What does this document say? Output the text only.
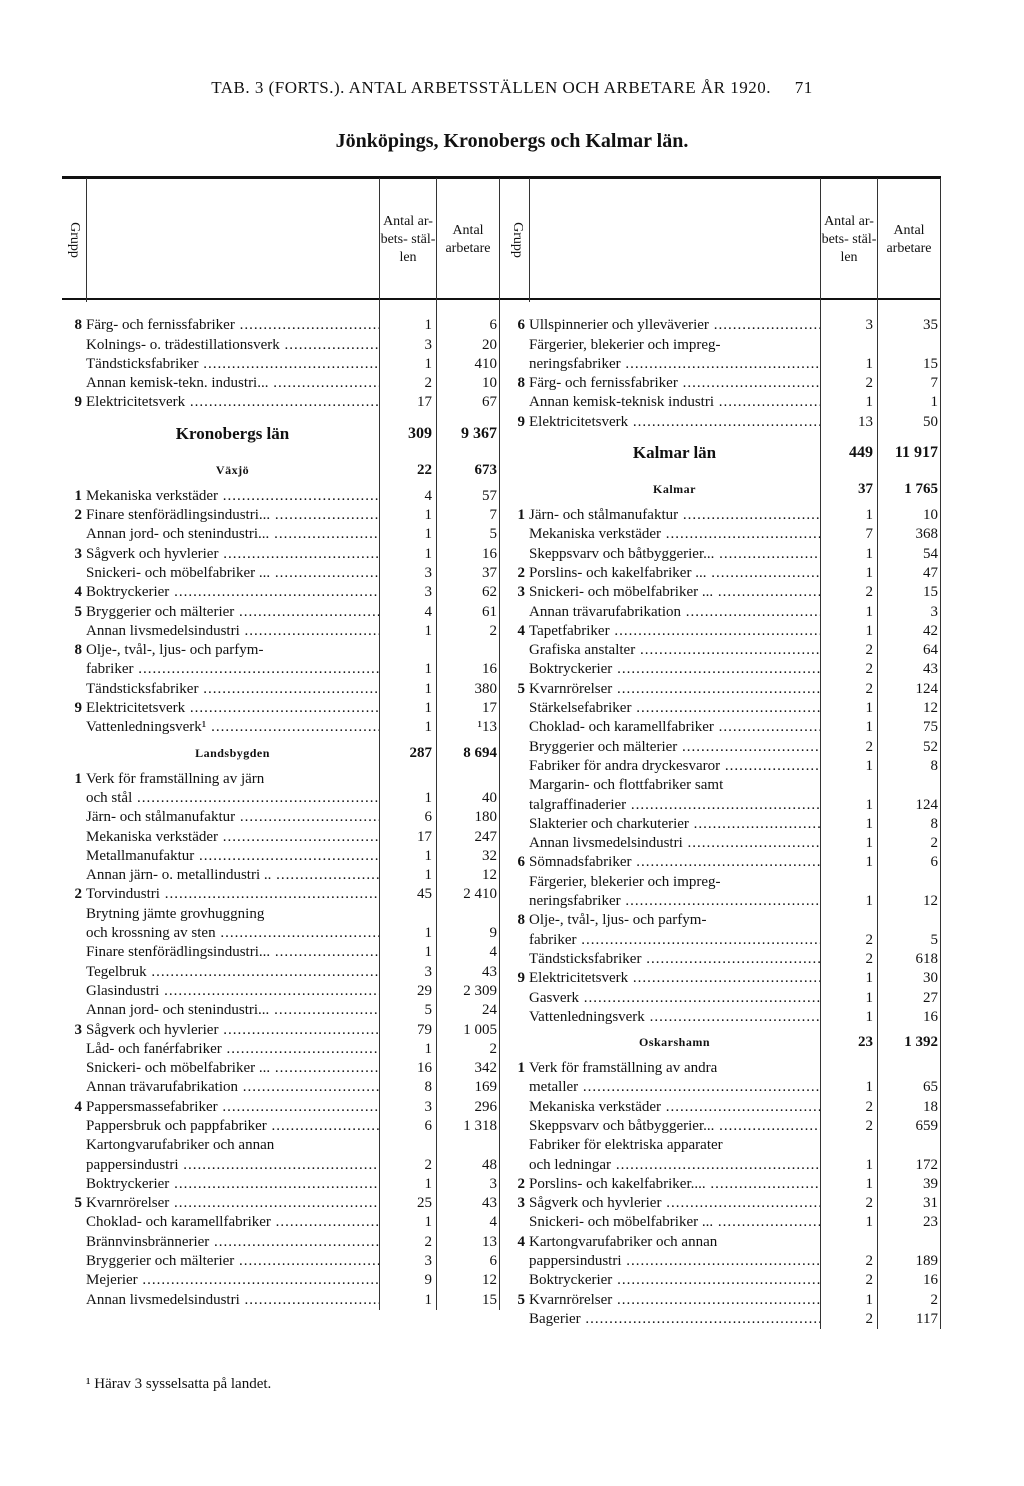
TAB. 3 (FORTS.). ANTAL ARBETSSTÄLLEN OCH ARBETARE ÅR 1920. 71
Jönköpings, Kronobergs och Kalmar län.
Grupp
Antal ar- bets- stäl- len
Antal arbetare

8	Färg- och fernissfabriker .....	1	6
	Kolnings- o. trädestillationsverk .....	3	20
	Tändsticksfabriker .....	1	410
	Annan kemisk-tekn. industri... .....	2	10
9	Elektricitetsverk .....	17	67
	Kronobergs län	309	9 367
	Växjö	22	673
1	Mekaniska verkstäder .....	4	57
2	Finare stenförädlingsindustri... .....	1	7
	Annan jord- och stenindustri... .....	1	5
3	Sågverk och hyvlerier .....	1	16
	Snickeri- och möbelfabriker ... .....	3	37
4	Boktryckerier .....	3	62
5	Bryggerier och mälterier .....	4	61
	Annan livsmedelsindustri .....	1	2
8	Olje-, tvål-, ljus- och parfym-		
	fabriker .....	1	16
	Tändsticksfabriker .....	1	380
9	Elektricitetsverk .....	1	17
	Vattenledningsverk¹ .....	1	¹13
	Landsbygden	287	8 694
1	Verk för framställning av järn		
	och stål .....	1	40
	Järn- och stålmanufaktur .....	6	180
	Mekaniska verkstäder .....	17	247
	Metallmanufaktur .....	1	32
	Annan järn- o. metallindustri .. .....	1	12
2	Torvindustri .....	45	2 410
	Brytning jämte grovhuggning		
	och krossning av sten .....	1	9
	Finare stenförädlingsindustri... .....	1	4
	Tegelbruk .....	3	43
	Glasindustri .....	29	2 309
	Annan jord- och stenindustri... .....	5	24
3	Sågverk och hyvlerier .....	79	1 005
	Låd- och fanérfabriker .....	1	2
	Snickeri- och möbelfabriker ... .....	16	342
	Annan trävarufabrikation .....	8	169
4	Pappersmassefabriker .....	3	296
	Pappersbruk och pappfabriker .....	6	1 318
	Kartongvarufabriker och annan		
	pappersindustri .....	2	48
	Boktryckerier .....	1	3
5	Kvarnrörelser .....	25	43
	Choklad- och karamellfabriker .....	1	4
	Brännvinsbrännerier .....	2	13
	Bryggerier och mälterier .....	3	6
	Mejerier .....	9	12
	Annan livsmedelsindustri .....	1	15
Grupp
Antal ar- bets- stäl- len
Antal arbetare

6	Ullspinnerier och ylleväverier .....	3	35
	Färgerier, blekerier och impreg-		
	neringsfabriker .....	1	15
8	Färg- och fernissfabriker .....	2	7
	Annan kemisk-teknisk industri .....	1	1
9	Elektricitetsverk .....	13	50
	Kalmar län	449	11 917
	Kalmar	37	1 765
1	Järn- och stålmanufaktur .....	1	10
	Mekaniska verkstäder .....	7	368
	Skeppsvarv och båtbyggerier... .....	1	54
2	Porslins- och kakelfabriker ... .....	1	47
3	Snickeri- och möbelfabriker ... .....	2	15
	Annan trävarufabrikation .....	1	3
4	Tapetfabriker .....	1	42
	Grafiska anstalter .....	2	64
	Boktryckerier .....	2	43
5	Kvarnrörelser .....	2	124
	Stärkelsefabriker .....	1	12
	Choklad- och karamellfabriker .....	1	75
	Bryggerier och mälterier .....	2	52
	Fabriker för andra dryckesvaror .....	1	8
	Margarin- och flottfabriker samt		
	talgraffinaderier .....	1	124
	Slakterier och charkuterier .....	1	8
	Annan livsmedelsindustri .....	1	2
6	Sömnadsfabriker .....	1	6
	Färgerier, blekerier och impreg-		
	neringsfabriker .....	1	12
8	Olje-, tvål-, ljus- och parfym-		
	fabriker .....	2	5
	Tändsticksfabriker .....	2	618
9	Elektricitetsverk .....	1	30
	Gasverk .....	1	27
	Vattenledningsverk .....	1	16
	Oskarshamn	23	1 392
1	Verk för framställning av andra		
	metaller .....	1	65
	Mekaniska verkstäder .....	2	18
	Skeppsvarv och båtbyggerier... .....	2	659
	Fabriker för elektriska apparater		
	och ledningar .....	1	172
2	Porslins- och kakelfabriker.... .....	1	39
3	Sågverk och hyvlerier .....	2	31
	Snickeri- och möbelfabriker ... .....	1	23
4	Kartongvarufabriker och annan		
	pappersindustri .....	2	189
	Boktryckerier .....	2	16
5	Kvarnrörelser .....	1	2
	Bagerier .....	2	117
¹ Härav 3 sysselsatta på landet.
